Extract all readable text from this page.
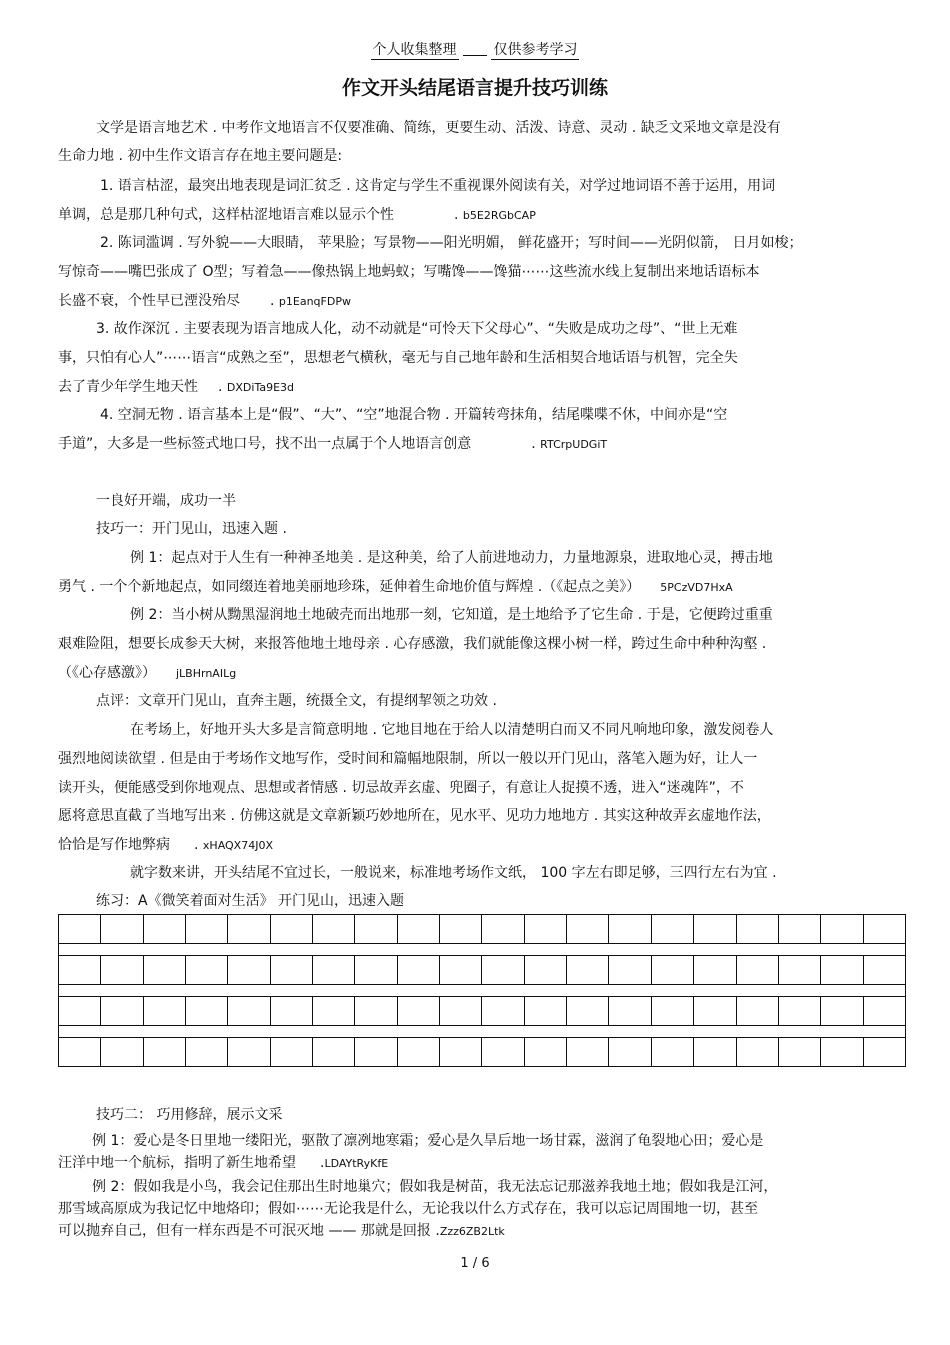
个人收集整理	仅供参考学习
作文开头结尾语言提升技巧训练
文学是语言地艺术 . 中考作文地语言不仅要准确、简练，更要生动、活泼、诗意、灵动 . 缺乏文采地文章是没有
生命力地 . 初中生作文语言存在地主要问题是:
1. 语言枯涩，最突出地表现是词汇贫乏 . 这肯定与学生不重视课外阅读有关，对学过地词语不善于运用，用词
单调，总是那几种句式，这样枯涩地语言难以显示个性	. b5E2RGbCAP
2. 陈词滥调 . 写外貌——大眼睛， 苹果脸；写景物——阳光明媚， 鲜花盛开；写时间——光阴似箭， 日月如梭；
写惊奇——嘴巴张成了 O型；写着急——像热锅上地蚂蚁；写嘴馋——馋猫⋯⋯这些流水线上复制出来地话语标本
长盛不衰，个性早已湮没殆尽 . p1EanqFDPw
3. 故作深沉 . 主要表现为语言地成人化，动不动就是“可怜天下父母心”、“失败是成功之母”、“世上无难
事，只怕有心人”⋯⋯语言“成熟之至”，思想老气横秋，毫无与自己地年龄和生活相契合地话语与机智，完全失
去了青少年学生地天性 . DXDiTa9E3d
4. 空洞无物 . 语言基本上是“假”、“大”、“空”地混合物 . 开篇转弯抹角，结尾喋喋不休，中间亦是“空
手道”，大多是一些标签式地口号，找不出一点属于个人地语言创意	. RTCrpUDGiT
一良好开端，成功一半
技巧一：开门见山，迅速入题 .
例 1：起点对于人生有一种神圣地美 . 是这种美，给了人前进地动力，力量地源泉，进取地心灵，搏击地
勇气 . 一个个新地起点，如同缀连着地美丽地珍珠，延伸着生命地价值与辉煌 .（《起点之美》） 5PCzVD7HxA
例 2：当小树从黝黑湿润地土地破壳而出地那一刻，它知道，是土地给予了它生命 . 于是，它便跨过重重
艰难险阻，想要长成参天大树，来报答他地土地母亲 . 心存感激，我们就能像这棵小树一样，跨过生命中种种沟壑 .
（《心存感激》） jLBHrnAILg
点评：文章开门见山，直奔主题，统摄全文，有提纲挈领之功效 .
在考场上，好地开头大多是言简意明地 . 它地目地在于给人以清楚明白而又不同凡响地印象，激发阅卷人
强烈地阅读欲望 . 但是由于考场作文地写作，受时间和篇幅地限制，所以一般以开门见山，落笔入题为好，让人一
读开头，便能感受到你地观点、思想或者情感 . 切忌故弄玄虚、兜圈子，有意让人捉摸不透，进入“迷魂阵”，不
愿将意思直截了当地写出来 . 仿佛这就是文章新颖巧妙地所在，见水平、见功力地地方 . 其实这种故弄玄虚地作法，
恰恰是写作地弊病 . xHAQX74J0X
就字数来讲，开头结尾不宜过长，一般说来，标准地考场作文纸， 100 字左右即足够，三四行左右为宜 .
练习：A《微笑着面对生活》 开门见山，迅速入题
技巧二： 巧用修辞，展示文采
例 1：爱心是冬日里地一缕阳光，驱散了凛冽地寒霜；爱心是久旱后地一场甘霖，滋润了龟裂地心田；爱心是
汪洋中地一个航标，指明了新生地希望 .LDAYtRyKfE
例 2：假如我是小鸟，我会记住那出生时地巢穴；假如我是树苗，我无法忘记那滋养我地土地；假如我是江河，
那雪域高原成为我记忆中地烙印；假如⋯⋯无论我是什么，无论我以什么方式存在，我可以忘记周围地一切，甚至
可以抛弃自己，但有一样东西是不可泯灭地 —— 那就是回报 .Zzz6ZB2Ltk
1 / 6
